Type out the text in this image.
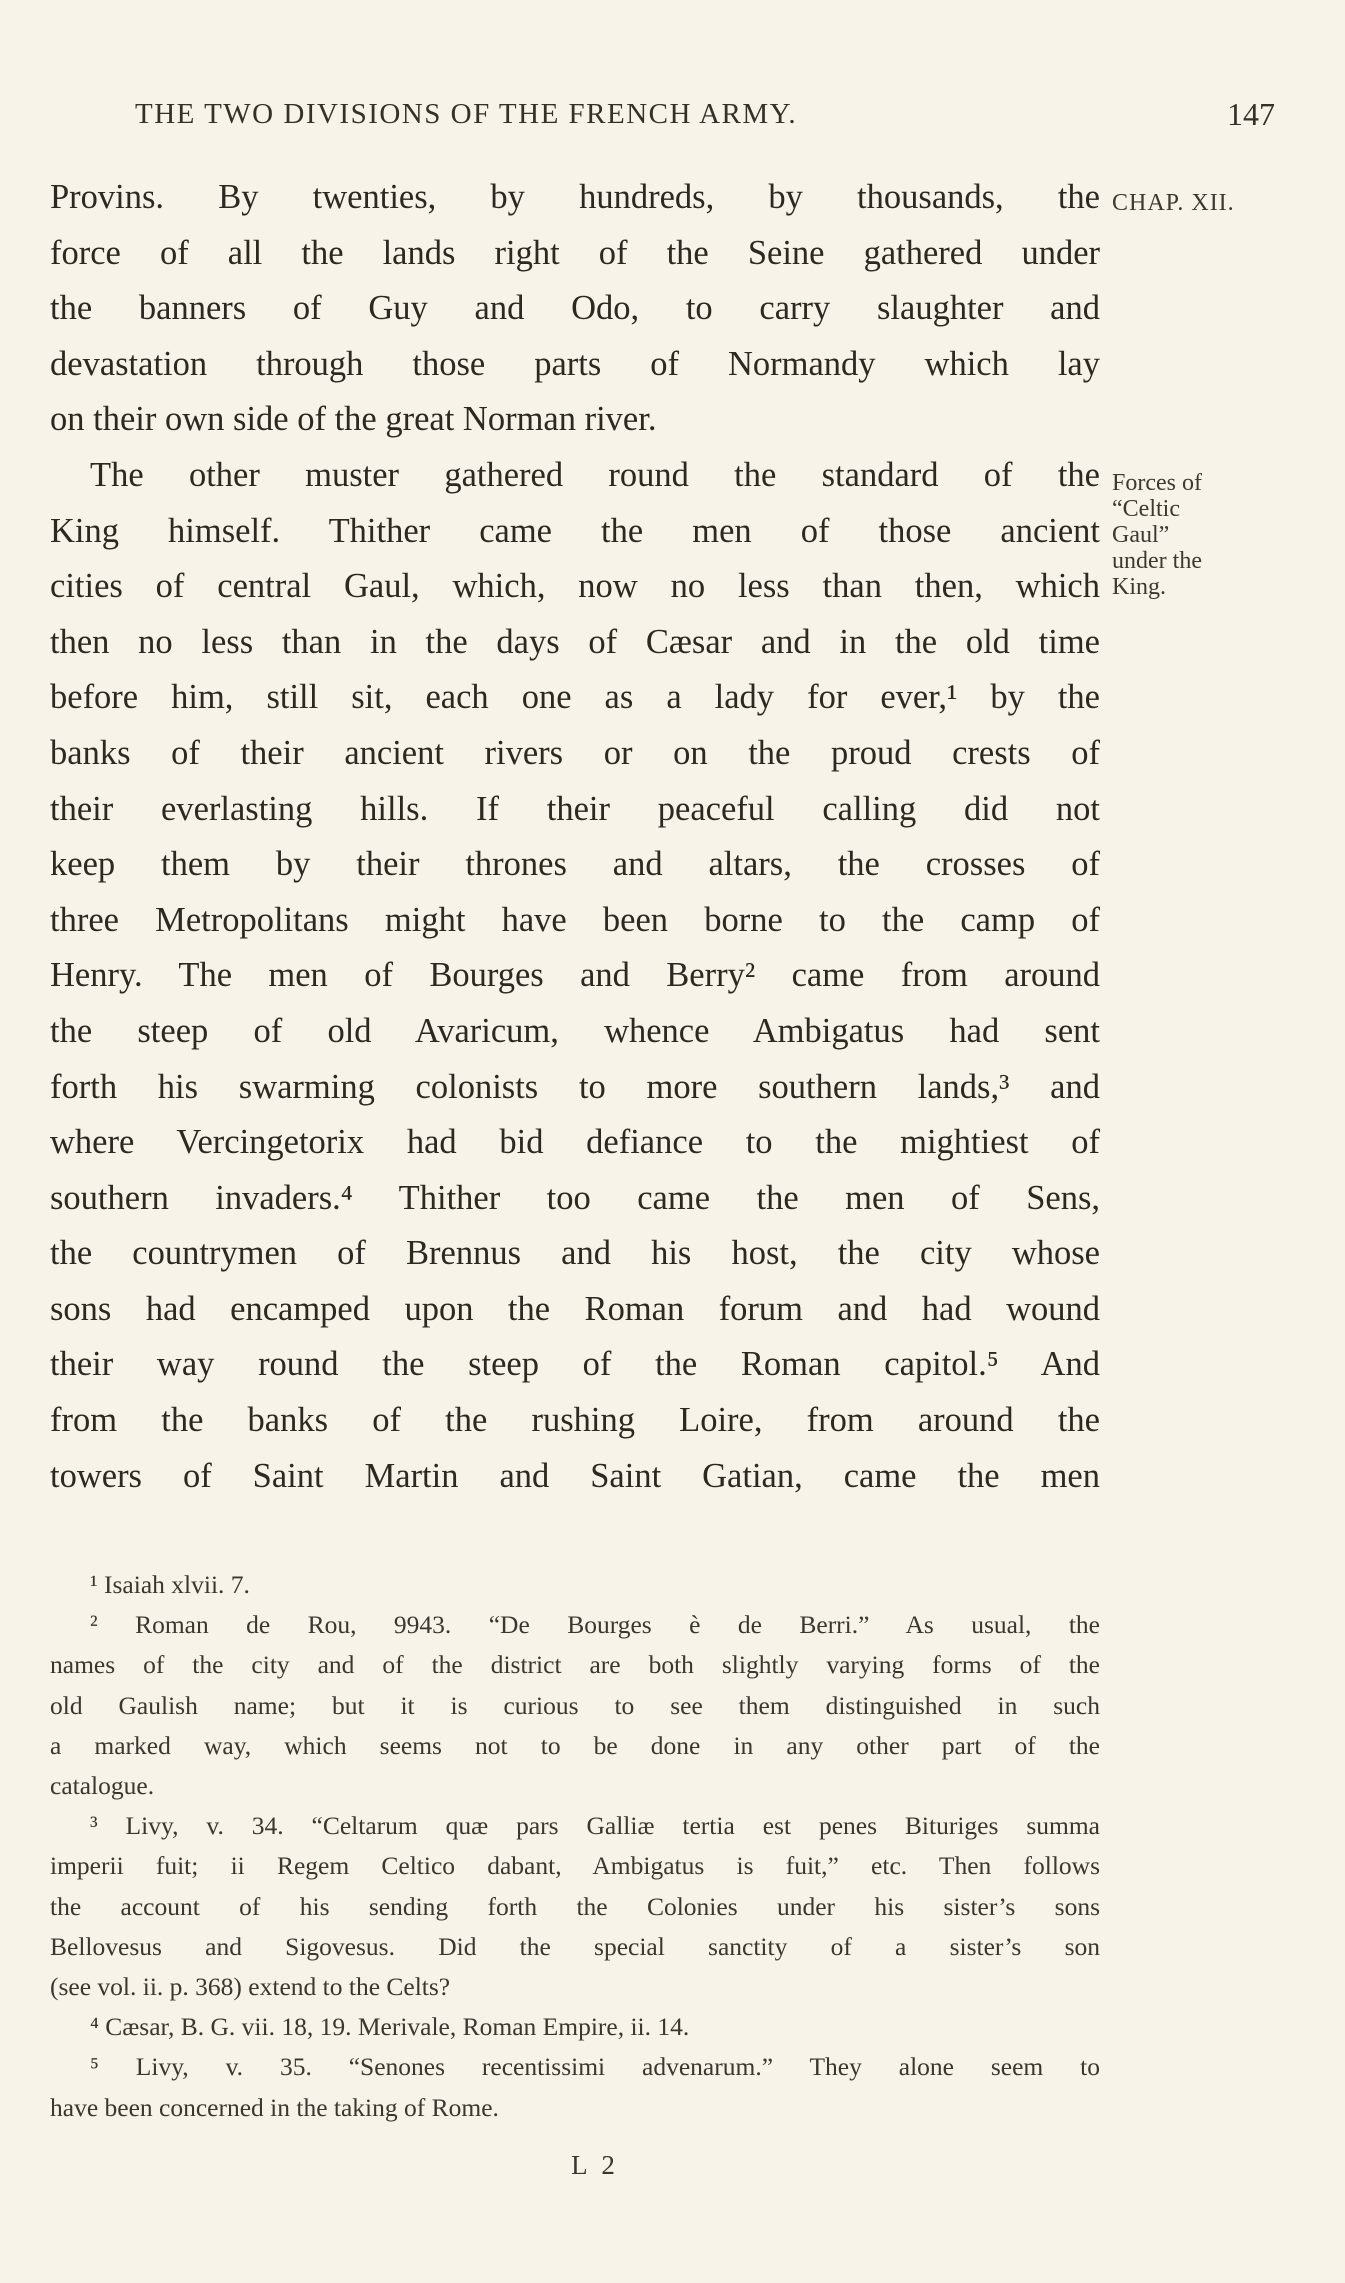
THE TWO DIVISIONS OF THE FRENCH ARMY.	147
CHAP. XII.
Forces of
“Celtic
Gaul”
under the
King.
Provins. By twenties, by hundreds, by thousands, the
force of all the lands right of the Seine gathered under
the banners of Guy and Odo, to carry slaughter and
devastation through those parts of Normandy which lay
on their own side of the great Norman river.
The other muster gathered round the standard of the
King himself. Thither came the men of those ancient
cities of central Gaul, which, now no less than then, which
then no less than in the days of Cæsar and in the old time
before him, still sit, each one as a lady for ever,¹ by the
banks of their ancient rivers or on the proud crests of
their everlasting hills. If their peaceful calling did not
keep them by their thrones and altars, the crosses of
three Metropolitans might have been borne to the camp of
Henry. The men of Bourges and Berry² came from around
the steep of old Avaricum, whence Ambigatus had sent
forth his swarming colonists to more southern lands,³ and
where Vercingetorix had bid defiance to the mightiest of
southern invaders.⁴ Thither too came the men of Sens,
the countrymen of Brennus and his host, the city whose
sons had encamped upon the Roman forum and had wound
their way round the steep of the Roman capitol.⁵ And
from the banks of the rushing Loire, from around the
towers of Saint Martin and Saint Gatian, came the men
¹ Isaiah xlvii. 7.
² Roman de Rou, 9943. “De Bourges è de Berri.” As usual, the
names of the city and of the district are both slightly varying forms of the
old Gaulish name; but it is curious to see them distinguished in such
a marked way, which seems not to be done in any other part of the
catalogue.
³ Livy, v. 34. “Celtarum quæ pars Galliæ tertia est penes Bituriges summa
imperii fuit; ii Regem Celtico dabant, Ambigatus is fuit,” etc. Then follows
the account of his sending forth the Colonies under his sister’s sons
Bellovesus and Sigovesus. Did the special sanctity of a sister’s son
(see vol. ii. p. 368) extend to the Celts?
⁴ Cæsar, B. G. vii. 18, 19. Merivale, Roman Empire, ii. 14.
⁵ Livy, v. 35. “Senones recentissimi advenarum.” They alone seem to
have been concerned in the taking of Rome.
L 2
